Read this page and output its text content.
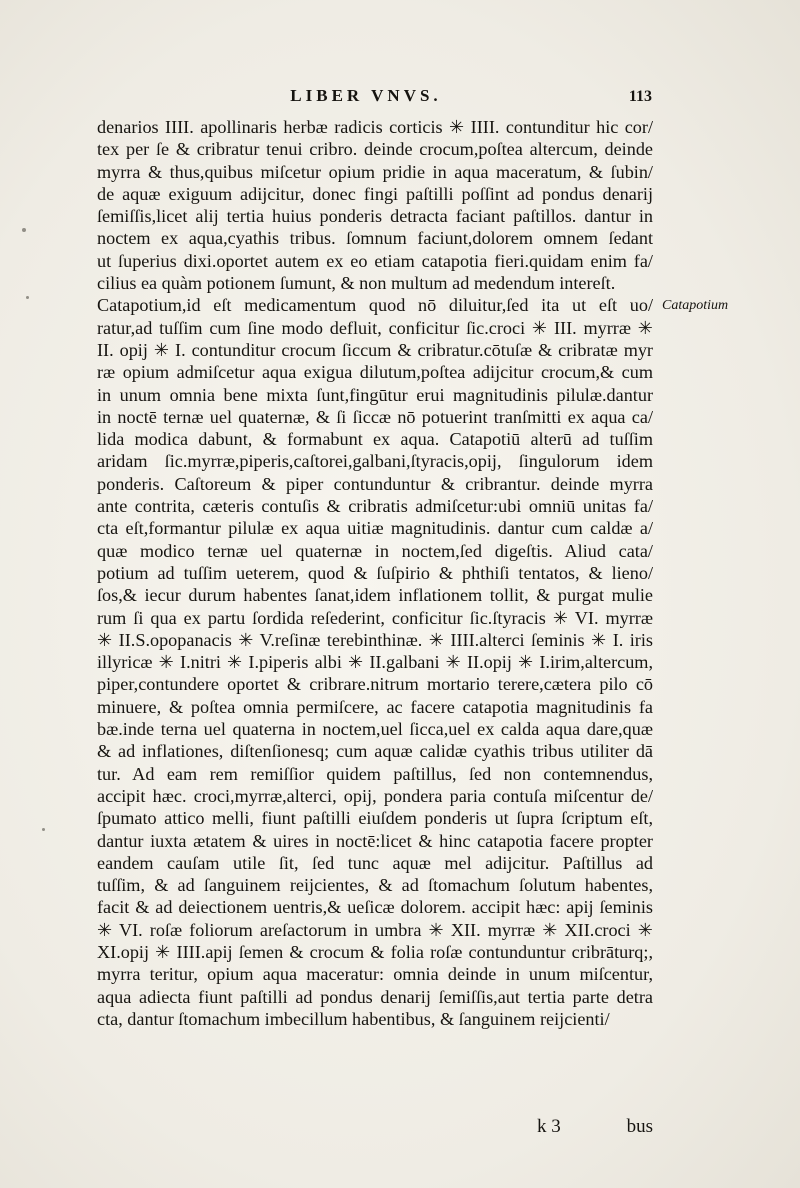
LIBER VNVS.	113
denarios IIII. apollinaris herbæ radicis corticis ✳ IIII. contunditur hic cor/
tex per ſe & cribratur tenui cribro. deinde crocum,poſtea altercum, deinde
myrra & thus,quibus miſcetur opium pridie in aqua maceratum, & ſubin/
de aquæ exiguum adijcitur, donec fingi paſtilli poſſint ad pondus denarij
ſemiſſis,licet alij tertia huius ponderis detracta faciant paſtillos. dantur in
noctem ex aqua,cyathis tribus. ſomnum faciunt,dolorem omnem ſedant
ut ſuperius dixi.oportet autem ex eo etiam catapotia fieri.quidam enim fa/
cilius ea quàm potionem ſumunt, & non multum ad medendum intereſt.
Catapotium,id eſt medicamentum quod nō diluitur,ſed ita ut eſt uo/
ratur,ad tuſſim cum ſine modo defluit, conficitur ſic.croci ✳ III. myrræ ✳
II. opij ✳ I. contunditur crocum ſiccum & cribratur.cōtuſæ & cribratæ myr
ræ opium admiſcetur aqua exigua dilutum,poſtea adijcitur crocum,& cum
in unum omnia bene mixta ſunt,fingūtur erui magnitudinis pilulæ.dantur
in noctē ternæ uel quaternæ, & ſi ſiccæ nō potuerint tranſmitti ex aqua ca/
lida modica dabunt, & formabunt ex aqua. Catapotiū alterū ad tuſſim
aridam ſic.myrræ,piperis,caſtorei,galbani,ſtyracis,opij, ſingulorum idem
ponderis. Caſtoreum & piper contunduntur & cribrantur. deinde myrra
ante contrita, cæteris contuſis & cribratis admiſcetur:ubi omniū unitas fa/
cta eſt,formantur pilulæ ex aqua uitiæ magnitudinis. dantur cum caldæ a/
quæ modico ternæ uel quaternæ in noctem,ſed digeſtis. Aliud cata/
potium ad tuſſim ueterem, quod & ſuſpirio & phthiſi tentatos, & lieno/
ſos,& iecur durum habentes ſanat,idem inflationem tollit, & purgat mulie
rum ſi qua ex partu ſordida reſederint, conficitur ſic.ſtyracis ✳ VI. myrræ
✳ II.S.opopanacis ✳ V.reſinæ terebinthinæ. ✳ IIII.alterci ſeminis ✳ I. iris
illyricæ ✳ I.nitri ✳ I.piperis albi ✳ II.galbani ✳ II.opij ✳ I.irim,altercum,
piper,contundere oportet & cribrare.nitrum mortario terere,cætera pilo cō
minuere, & poſtea omnia permiſcere, ac facere catapotia magnitudinis fa
bæ.inde terna uel quaterna in noctem,uel ſicca,uel ex calda aqua dare,quæ
& ad inflationes, diſtenſionesq; cum aquæ calidæ cyathis tribus utiliter dā
tur. Ad eam rem remiſſior quidem paſtillus, ſed non contemnendus,
accipit hæc. croci,myrræ,alterci, opij, pondera paria contuſa miſcentur de/
ſpumato attico melli, fiunt paſtilli eiuſdem ponderis ut ſupra ſcriptum eſt,
dantur iuxta ætatem & uires in noctē:licet & hinc catapotia facere propter
eandem cauſam utile ſit, ſed tunc aquæ mel adijcitur. Paſtillus ad
tuſſim, & ad ſanguinem reijcientes, & ad ſtomachum ſolutum habentes,
facit & ad deiectionem uentris,& ueſicæ dolorem. accipit hæc: apij ſeminis
✳ VI. roſæ foliorum areſactorum in umbra ✳ XII. myrræ ✳ XII.croci ✳
XI.opij ✳ IIII.apij ſemen & crocum & folia roſæ contunduntur cribrāturq;,
myrra teritur, opium aqua maceratur: omnia deinde in unum miſcentur,
aqua adiecta fiunt paſtilli ad pondus denarij ſemiſſis,aut tertia parte detra
cta, dantur ſtomachum imbecillum habentibus, & ſanguinem reijcienti/
Catapotium
k 3	bus
